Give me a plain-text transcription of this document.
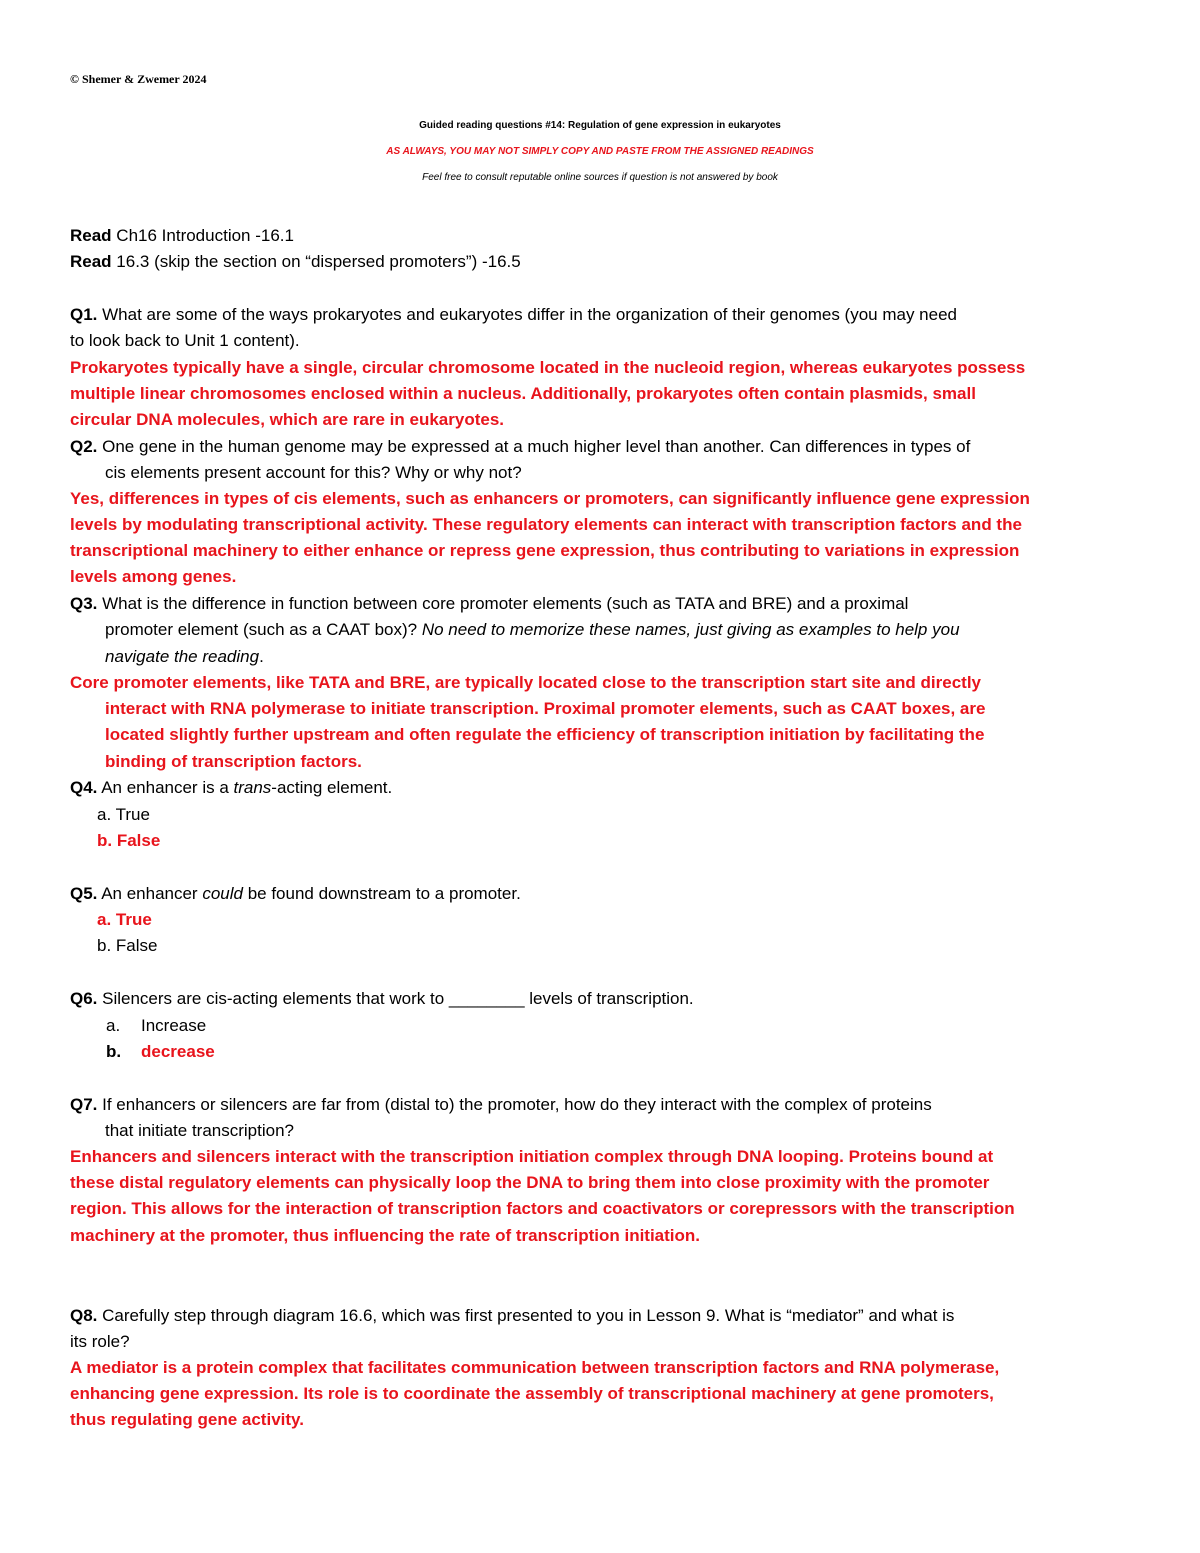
© Shemer & Zwemer 2024
Guided reading questions #14: Regulation of gene expression in eukaryotes
AS ALWAYS, YOU MAY NOT SIMPLY COPY AND PASTE FROM THE ASSIGNED READINGS
Feel free to consult reputable online sources if question is not answered by book
Read Ch16 Introduction -16.1
Read 16.3 (skip the section on “dispersed promoters”) -16.5
Q1. What are some of the ways prokaryotes and eukaryotes differ in the organization of their genomes (you may need
to look back to Unit 1 content).
Prokaryotes typically have a single, circular chromosome located in the nucleoid region, whereas eukaryotes possess
multiple linear chromosomes enclosed within a nucleus. Additionally, prokaryotes often contain plasmids, small
circular DNA molecules, which are rare in eukaryotes.
Q2. One gene in the human genome may be expressed at a much higher level than another. Can differences in types of
cis elements present account for this? Why or why not?
Yes, differences in types of cis elements, such as enhancers or promoters, can significantly influence gene expression
levels by modulating transcriptional activity. These regulatory elements can interact with transcription factors and the
transcriptional machinery to either enhance or repress gene expression, thus contributing to variations in expression
levels among genes.
Q3. What is the difference in function between core promoter elements (such as TATA and BRE) and a proximal
promoter element (such as a CAAT box)? No need to memorize these names, just giving as examples to help you
navigate the reading.
Core promoter elements, like TATA and BRE, are typically located close to the transcription start site and directly
interact with RNA polymerase to initiate transcription. Proximal promoter elements, such as CAAT boxes, are
located slightly further upstream and often regulate the efficiency of transcription initiation by facilitating the
binding of transcription factors.
Q4. An enhancer is a trans-acting element.
a. True
b. False
Q5. An enhancer could be found downstream to a promoter.
a. True
b. False
Q6. Silencers are cis-acting elements that work to ________ levels of transcription.
a. Increase
b. decrease
Q7. If enhancers or silencers are far from (distal to) the promoter, how do they interact with the complex of proteins
that initiate transcription?
Enhancers and silencers interact with the transcription initiation complex through DNA looping. Proteins bound at
these distal regulatory elements can physically loop the DNA to bring them into close proximity with the promoter
region. This allows for the interaction of transcription factors and coactivators or corepressors with the transcription
machinery at the promoter, thus influencing the rate of transcription initiation.
Q8. Carefully step through diagram 16.6, which was first presented to you in Lesson 9. What is “mediator” and what is
its role?
A mediator is a protein complex that facilitates communication between transcription factors and RNA polymerase,
enhancing gene expression. Its role is to coordinate the assembly of transcriptional machinery at gene promoters,
thus regulating gene activity.
